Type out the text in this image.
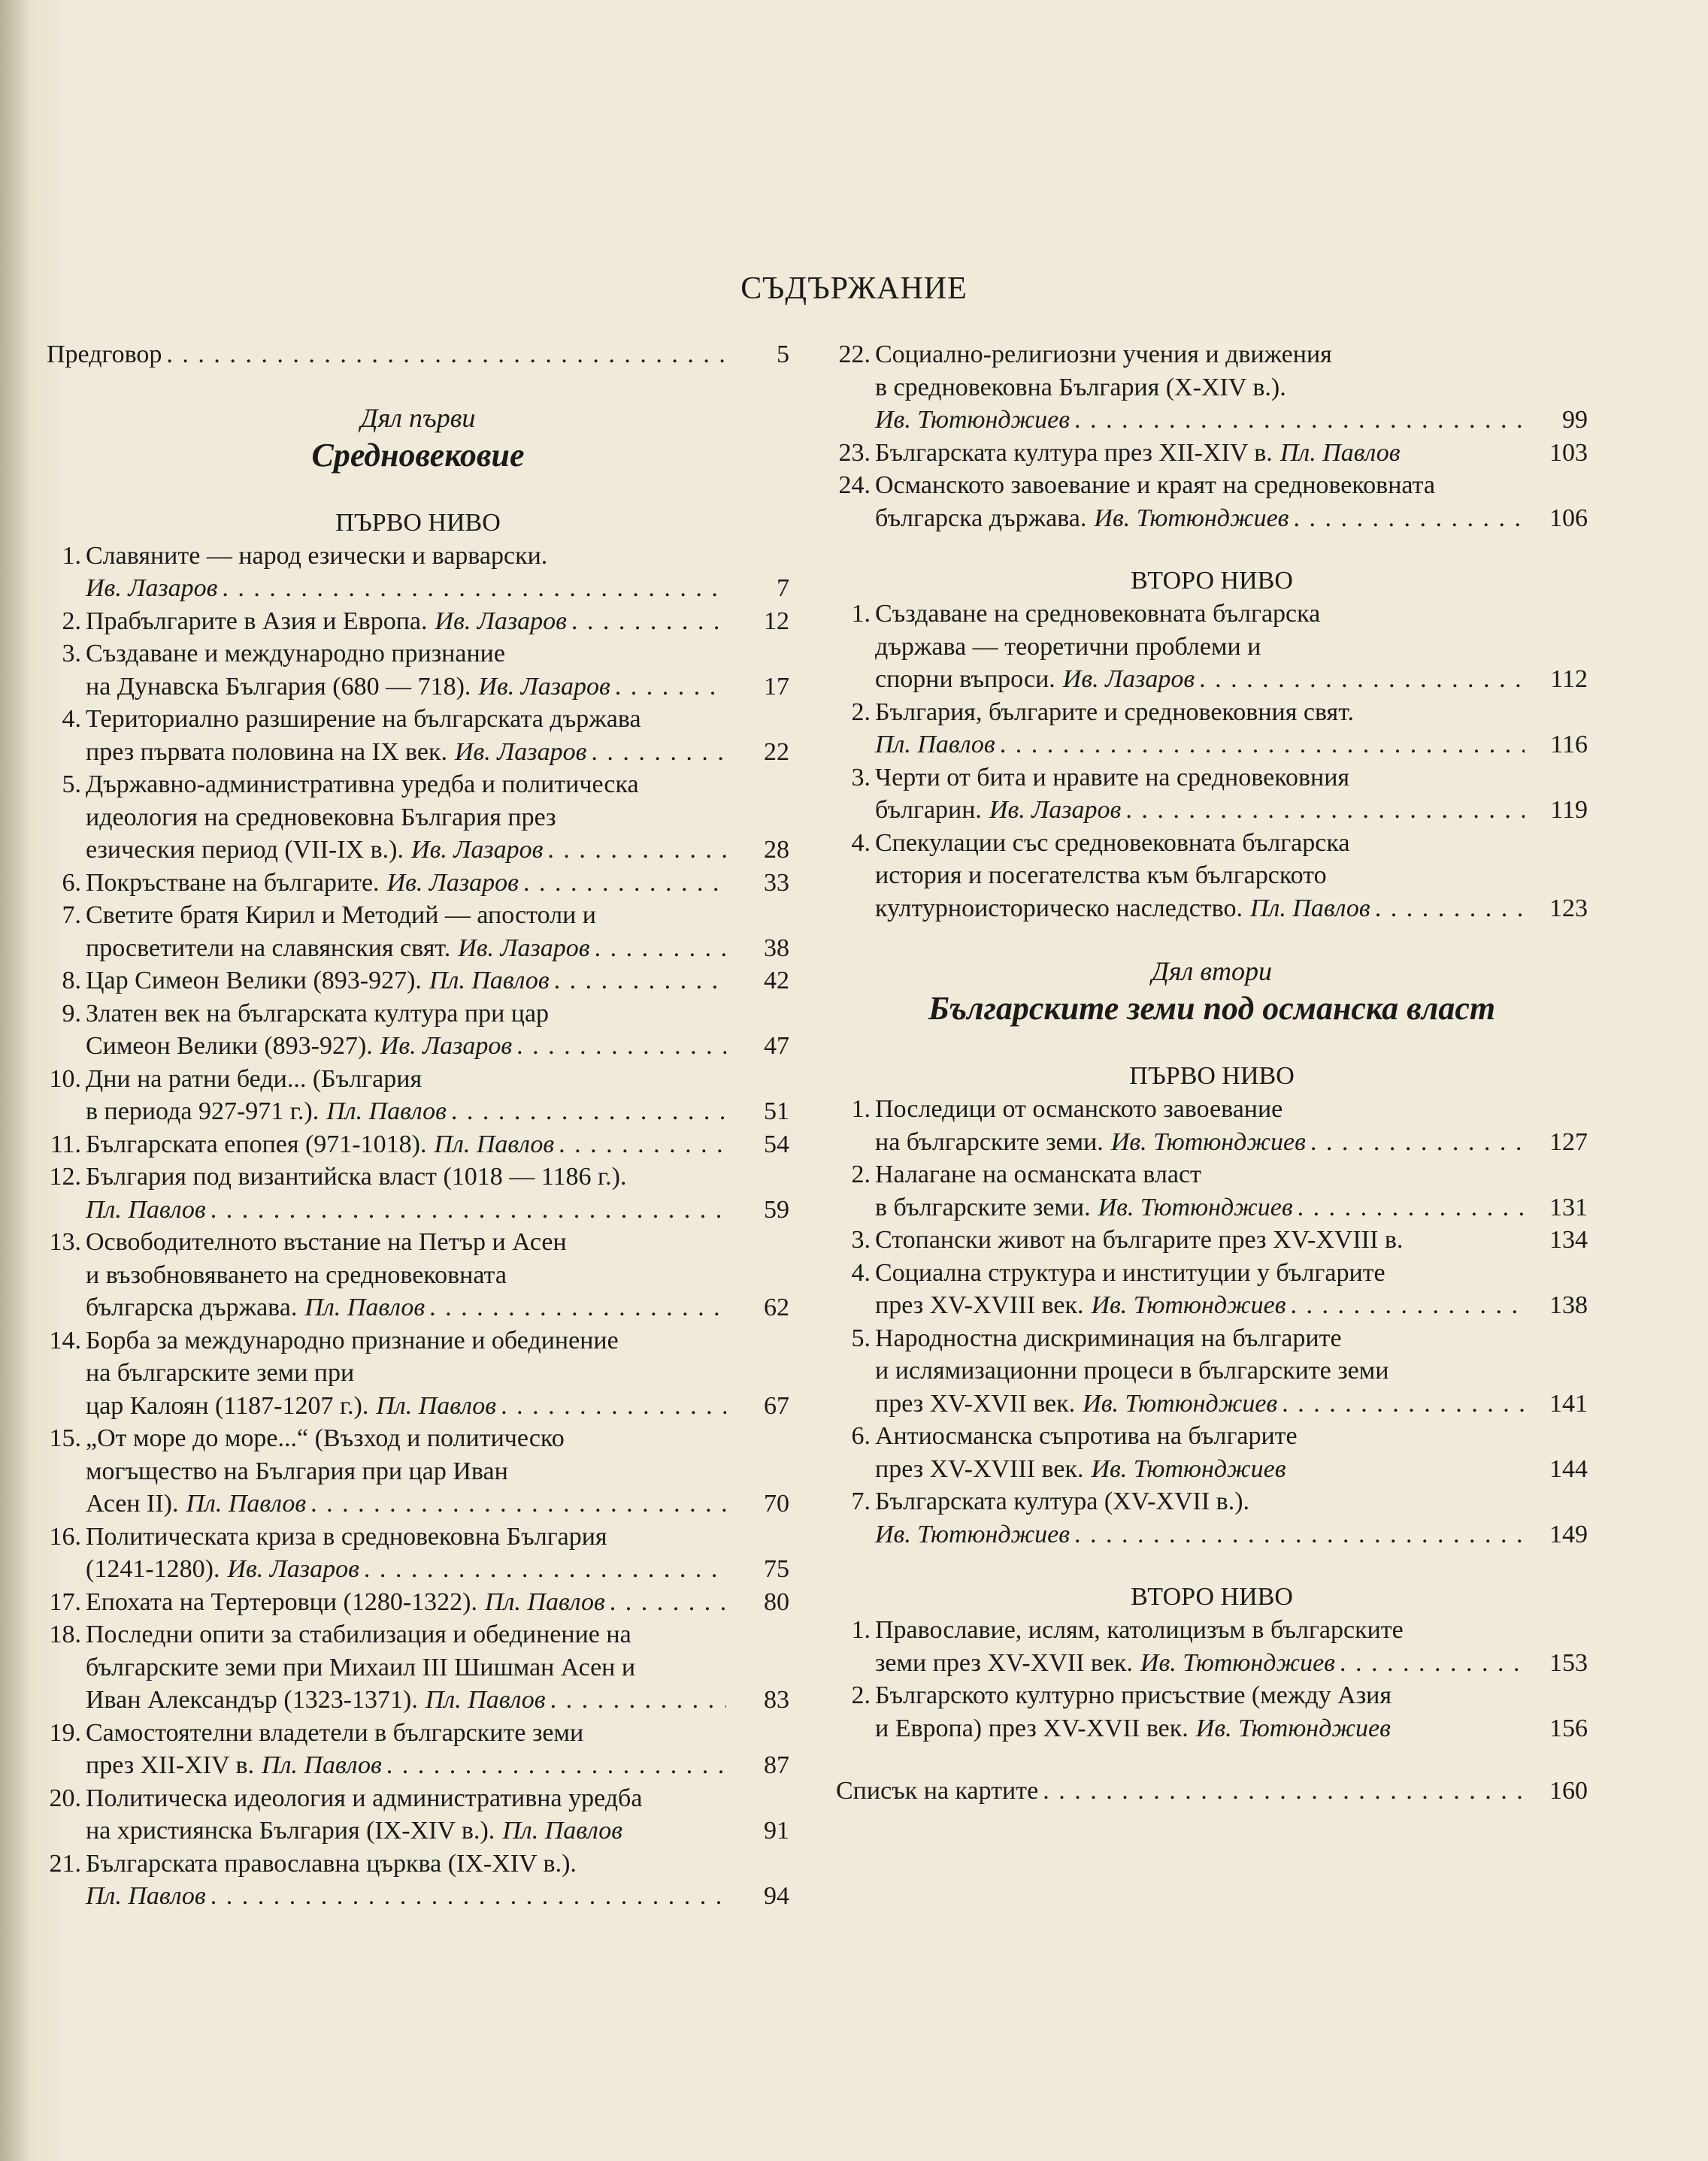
СЪДЪРЖАНИЕ
Предговор . . .	5
Дял първи
Средновековие
ПЪРВО НИВО
1. Славяните — народ езически и варварски.
Ив. Лазаров . . .	7
2. Прабългарите в Азия и Европа. Ив. Лазаров . . .	12
3. Създаване и международно признание
на Дунавска България (680 — 718). Ив. Лазаров . . .	17
4. Териториално разширение на българската държава
през първата половина на IX век. Ив. Лазаров . . .	22
5. Държавно-административна уредба и политическа
идеология на средновековна България през
езическия период (VII-IX в.). Ив. Лазаров . . .	28
6. Покръстване на българите. Ив. Лазаров . . .	33
7. Светите братя Кирил и Методий — апостоли и
просветители на славянския свят. Ив. Лазаров . . .	38
8. Цар Симеон Велики (893-927). Пл. Павлов . . .	42
9. Златен век на българската култура при цар
Симеон Велики (893-927). Ив. Лазаров . . .	47
10. Дни на ратни беди... (България
в периода 927-971 г.). Пл. Павлов . . .	51
11. Българската епопея (971-1018). Пл. Павлов . . .	54
12. България под византийска власт (1018 — 1186 г.).
Пл. Павлов . . .	59
13. Освободителното въстание на Петър и Асен
и възобновяването на средновековната
българска държава. Пл. Павлов . . .	62
14. Борба за международно признание и обединение
на българските земи при
цар Калоян (1187-1207 г.). Пл. Павлов . . .	67
15. „От море до море...“ (Възход и политическо
могъщество на България при цар Иван
Асен II). Пл. Павлов . . .	70
16. Политическата криза в средновековна България
(1241-1280). Ив. Лазаров . . .	75
17. Епохата на Тертеровци (1280-1322). Пл. Павлов . . .	80
18. Последни опити за стабилизация и обединение на
българските земи при Михаил III Шишман Асен и
Иван Александър (1323-1371). Пл. Павлов . . .	83
19. Самостоятелни владетели в българските земи
през XII-XIV в. Пл. Павлов . . .	87
20. Политическа идеология и административна уредба
на християнска България (IX-XIV в.). Пл. Павлов	91
21. Българската православна църква (IX-XIV в.).
Пл. Павлов . . .	94
22. Социално-религиозни учения и движения
в средновековна България (X-XIV в.).
Ив. Тютюнджиев . . .	99
23. Българската култура през XII-XIV в. Пл. Павлов	103
24. Османското завоевание и краят на средновековната
българска държава. Ив. Тютюнджиев . . .	106
ВТОРО НИВО
1. Създаване на средновековната българска
държава — теоретични проблеми и
спорни въпроси. Ив. Лазаров . . .	112
2. България, българите и средновековния свят.
Пл. Павлов . . .	116
3. Черти от бита и нравите на средновековния
българин. Ив. Лазаров . . .	119
4. Спекулации със средновековната българска
история и посегателства към българското
културноисторическо наследство. Пл. Павлов . . .	123
Дял втори
Българските земи под османска власт
ПЪРВО НИВО
1. Последици от османското завоевание
на българските земи. Ив. Тютюнджиев . . .	127
2. Налагане на османската власт
в българските земи. Ив. Тютюнджиев . . .	131
3. Стопански живот на българите през XV-XVIII в.	134
4. Социална структура и институции у българите
през XV-XVIII век. Ив. Тютюнджиев . . .	138
5. Народностна дискриминация на българите
и ислямизационни процеси в българските земи
през XV-XVII век. Ив. Тютюнджиев . . .	141
6. Антиосманска съпротива на българите
през XV-XVIII век. Ив. Тютюнджиев	144
7. Българската култура (XV-XVII в.).
Ив. Тютюнджиев . . .	149
ВТОРО НИВО
1. Православие, ислям, католицизъм в българските
земи през XV-XVII век. Ив. Тютюнджиев . . .	153
2. Българското културно присъствие (между Азия
и Европа) през XV-XVII век. Ив. Тютюнджиев	156
Списък на картите . . .	160
